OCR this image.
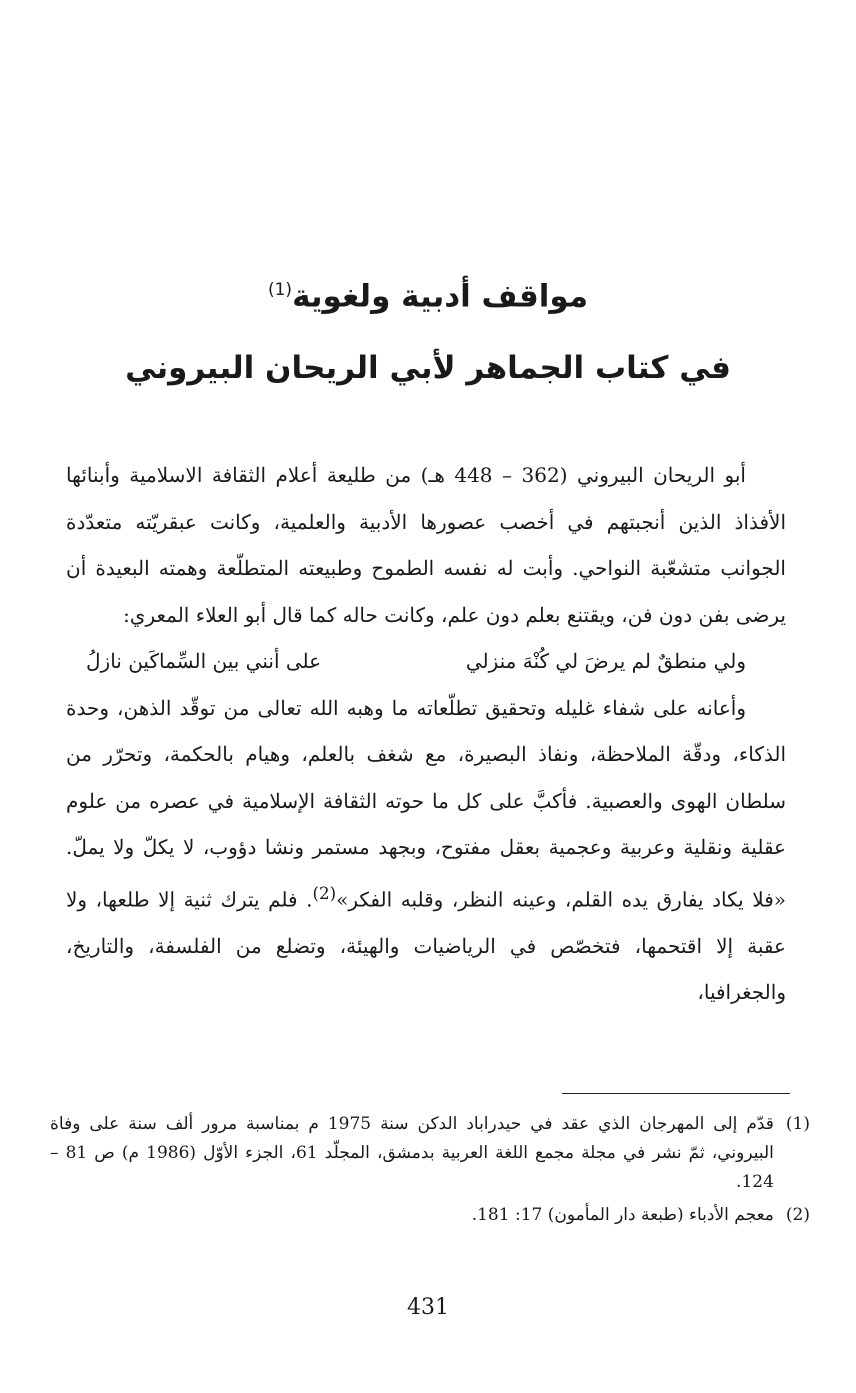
مواقف أدبية ولغوية$^{(1)}$
في كتاب الجماهر لأبي الريحان البيروني

أبو الريحان البيروني (362 – 448 هـ) من طليعة أعلام الثقافة الاسلامية وأبنائها الأفذاذ الذين أنجبتهم في أخصب عصورها الأدبية والعلمية، وكانت عبقريّته متعدّدة الجوانب متشعّبة النواحي. وأبت له نفسه الطموح وطبيعته المتطلّعة وهمته البعيدة أن يرضى بفن دون فن، ويقتنع بعلم دون علم، وكانت حاله كما قال أبو العلاء المعري:

ولي منطقٌ لم يرضَ لي كُنْهَ منزلي
على أنني بين السِّماكَين نازلُ

وأعانه على شفاء غليله وتحقيق تطلّعاته ما وهبه الله تعالى من توقّد الذهن، وحدة الذكاء، ودقّة الملاحظة، ونفاذ البصيرة، مع شغف بالعلم، وهيام بالحكمة، وتحرّر من سلطان الهوى والعصبية. فأكبَّ على كل ما حوته الثقافة الإسلامية في عصره من علوم عقلية ونقلية وعربية وعجمية بعقل مفتوح، وبجهد مستمر ونشا دؤوب، لا يكلّ ولا يملّ. «فلا يكاد يفارق يده القلم، وعينه النظر، وقلبه الفكر»$^{(2)}$. فلم يترك ثنية إلا طلعها، ولا عقبة إلا اقتحمها، فتخصّص في الرياضيات والهيئة، وتضلع من الفلسفة، والتاريخ، والجغرافيا،

(1)
قدّم إلى المهرجان الذي عقد في حيدراباد الدكن سنة 1975 م بمناسبة مرور ألف سنة على وفاة البيروني، ثمّ نشر في مجلة مجمع اللغة العربية بدمشق، المجلّد 61، الجزء الأوّل (1986 م) ص 81 – 124.
(2)
معجم الأدباء (طبعة دار المأمون) 17: 181.
431
